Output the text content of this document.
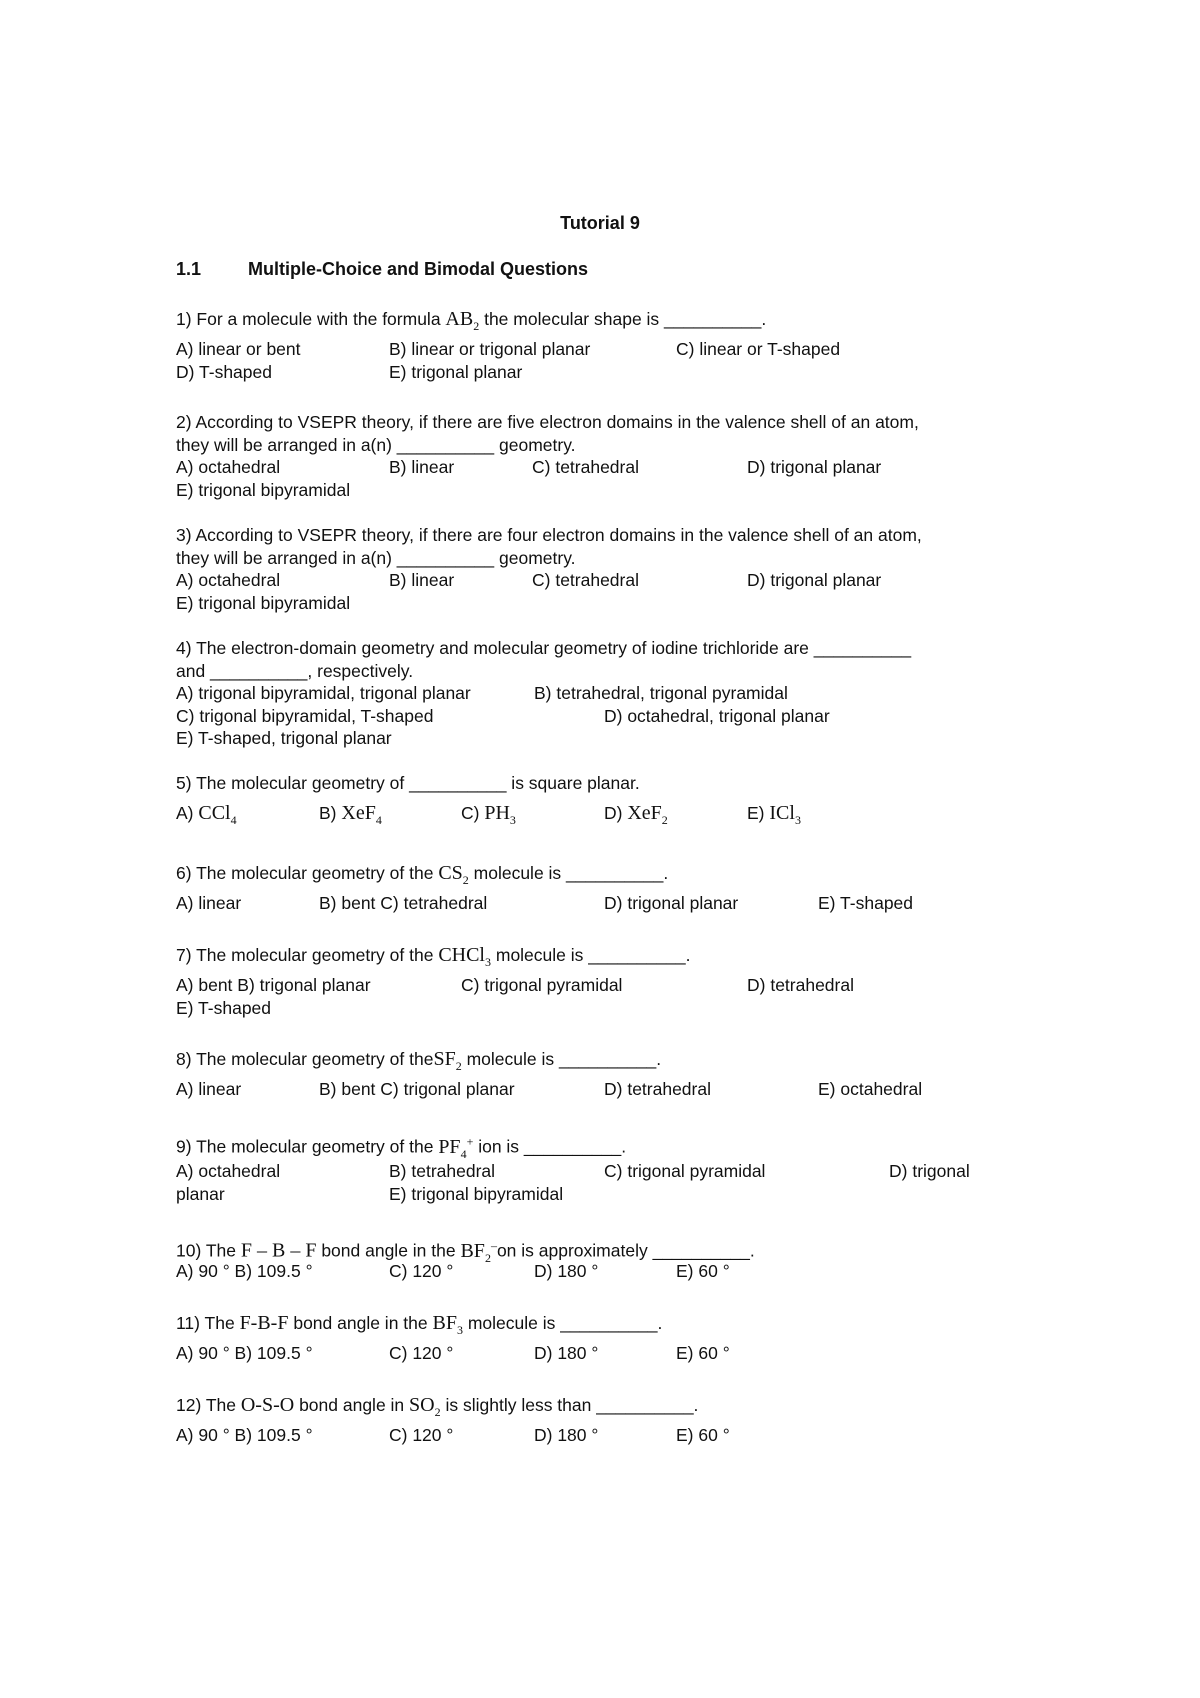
Tutorial 9
1.1	Multiple-Choice and Bimodal Questions
1) For a molecule with the formula $AB_2$ the molecular shape is __________.
A) linear or bent	B) linear or trigonal planar	C) linear or T-shaped
D) T-shaped	E) trigonal planar
2) According to VSEPR theory, if there are five electron domains in the valence shell of an atom,
they will be arranged in a(n) __________ geometry.
A) octahedral	B) linear	C) tetrahedral	D) trigonal planar
E) trigonal bipyramidal
3) According to VSEPR theory, if there are four electron domains in the valence shell of an atom,
they will be arranged in a(n) __________ geometry.
A) octahedral	B) linear	C) tetrahedral	D) trigonal planar
E) trigonal bipyramidal
4) The electron-domain geometry and molecular geometry of iodine trichloride are __________
and __________, respectively.
A) trigonal bipyramidal, trigonal planar	B) tetrahedral, trigonal pyramidal
C) trigonal bipyramidal, T-shaped	D) octahedral, trigonal planar
E) T-shaped, trigonal planar
5) The molecular geometry of __________ is square planar.
A) CCl$_4$	B) XeF$_4$	C) $PH_3$	D) XeF$_2$	E) ICl$_3$
6) The molecular geometry of the $CS_2$ molecule is __________.
A) linear	B) bent C) tetrahedral	D) trigonal planar	E) T-shaped
7) The molecular geometry of the CHCl$_3$ molecule is __________.
A) bent B) trigonal planar	C) trigonal pyramidal	D) tetrahedral
E) T-shaped
8) The molecular geometry of theSF$_2$ molecule is __________.
A) linear	B) bent C) trigonal planar	D) tetrahedral	E) octahedral
9) The molecular geometry of the $PF_4^+$ ion is __________.
A) octahedral	B) tetrahedral	C) trigonal pyramidal	D) trigonal
planar	E) trigonal bipyramidal
10) The F – B – F bond angle in the $BF_2^-on$ is approximately __________.
A) 90 ° B) 109.5 °	C) 120 °	D) 180 °	E) 60 °
11) The F-B-F bond angle in the $BF_3$ molecule is __________.
A) 90 ° B) 109.5 °	C) 120 °	D) 180 °	E) 60 °
12) The O-S-O bond angle in $SO_2$ is slightly less than __________.
A) 90 ° B) 109.5 °	C) 120 °	D) 180 °	E) 60 °
